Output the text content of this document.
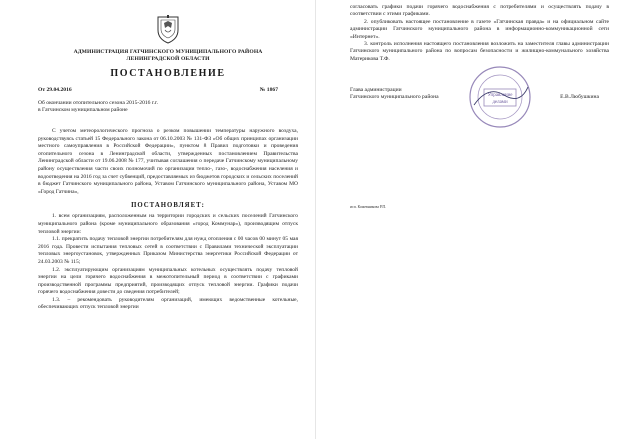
АДМИНИСТРАЦИЯ ГАТЧИНСКОГО МУНИЦИПАЛЬНОГО РАЙОНА
ЛЕНИНГРАДСКОЙ ОБЛАСТИ
ПОСТАНОВЛЕНИЕ
От 29.04.2016	№ 1867
Об окончании отопительного сезона 2015-2016 г.г.
в Гатчинском муниципальном районе

С учетом метеорологического прогноза о резком повышении температуры наружного воздуха, руководствуясь статьей 15 Федерального закона от 06.10.2003 № 131-ФЗ «Об общих принципах организации местного самоуправления в Российской Федерации», пунктом 8 Правил подготовки и проведения отопительного сезона в Ленинградской области, утвержденных постановлением Правительства Ленинградской области от 19.06.2008 № 177, учитывая соглашения о передаче Гатчинскому муниципальному району осуществления части своих полномочий по организации тепло-, газо-, водоснабжения населения и водоотведения на 2016 год за счет субвенций, предоставляемых из бюджетов городских и сельских поселений в бюджет Гатчинского муниципального района, Уставом Гатчинского муниципального района, Уставом МО «Город Гатчина»,

ПОСТАНОВЛЯЕТ:

1. всем организациям, расположенным на территории городских и сельских поселений Гатчинского муниципального района (кроме муниципального образования «город Коммунар»), производящим отпуск тепловой энергии:

1.1. прекратить подачу тепловой энергии потребителям для нужд отопления с 00 часов 00 минут 05 мая 2016 года. Провести испытания тепловых сетей в соответствии с Правилами технической эксплуатации тепловых энергоустановок, утвержденных Приказом Министерства энергетики Российской Федерации от 24.03.2003 № 115;

1.2. эксплуатирующим организациям муниципальных котельных осуществлять подачу тепловой энергии на цели горячего водоснабжения в межотопительный период в соответствии с графиками производственной программы предприятий, производящих отпуск тепловой энергии. Графики подачи горячего водоснабжения довести до сведения потребителей;

1.3. – рекомендовать руководителям организаций, имеющих ведомственные котельные, обеспечивающих отпуск тепловой энергии

согласовать графики подачи горячего водоснабжения с потребителями и осуществлять подачу в соответствии с этими графиками.

2. опубликовать настоящее постановление в газете «Гатчинская правда» и на официальном сайте администрации Гатчинского муниципального района в информационно-коммуникационной сети «Интернет».

3. контроль исполнения настоящего постановления возложить на заместителя главы администрации Гатчинского муниципального района по вопросам безопасности и жилищно-коммунального хозяйства Материкова Т.Ф.

Глава администрации
Гатчинского муниципального района	Е.В.Любушкина
Управление
делами
исп. Кожевникова Р.П.
